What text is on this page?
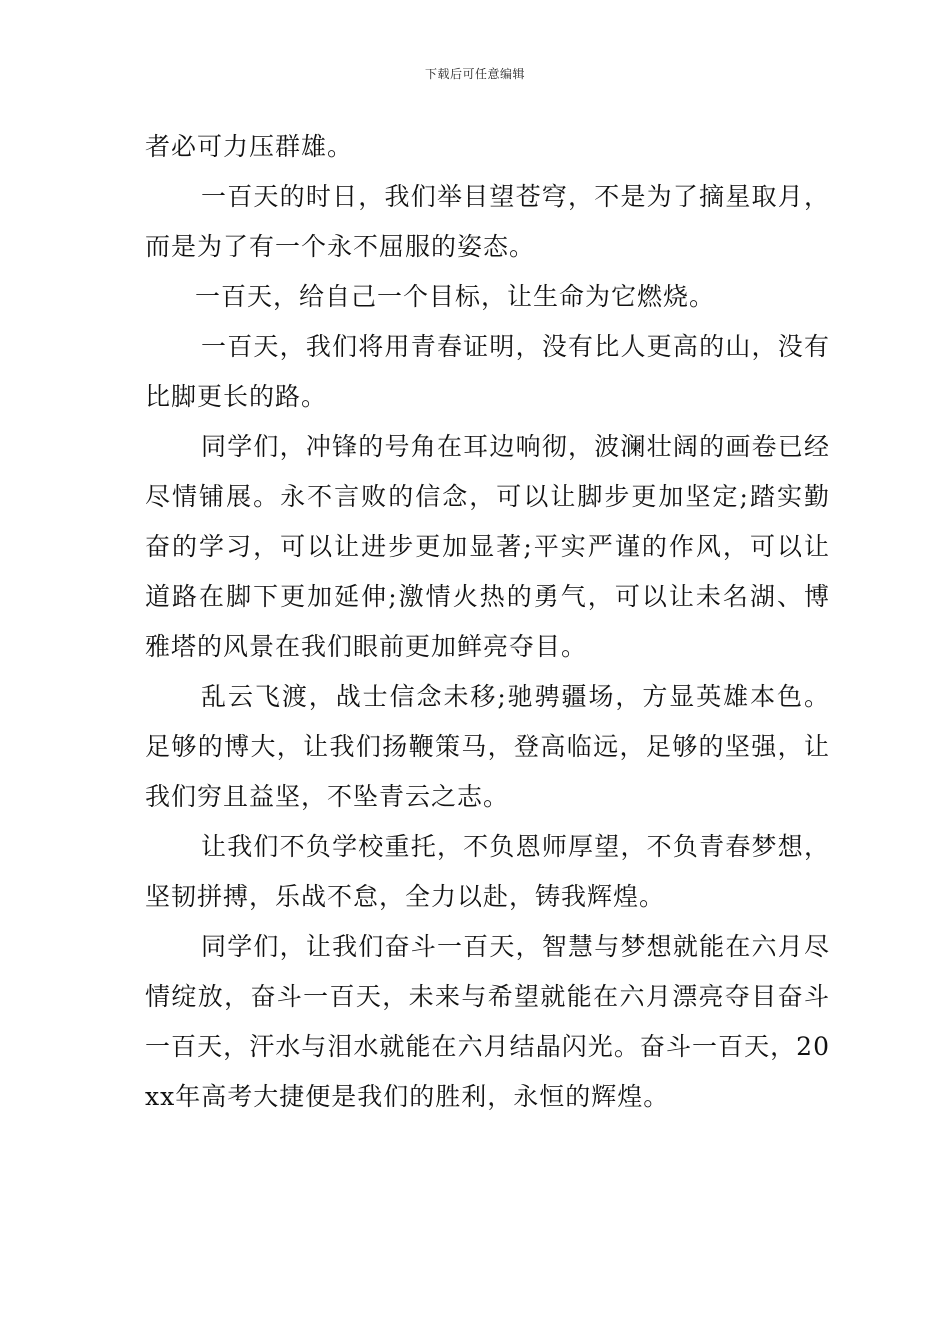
下载后可任意编辑

者必可力压群雄。

一百天的时日，我们举目望苍穹，不是为了摘星取月，而是为了有一个永不屈服的姿态。

一百天，给自己一个目标，让生命为它燃烧。

一百天，我们将用青春证明，没有比人更高的山，没有比脚更长的路。

同学们，冲锋的号角在耳边响彻，波澜壮阔的画卷已经尽情铺展。永不言败的信念，可以让脚步更加坚定;踏实勤奋的学习，可以让进步更加显著;平实严谨的作风，可以让道路在脚下更加延伸;激情火热的勇气，可以让未名湖、博雅塔的风景在我们眼前更加鲜亮夺目。

乱云飞渡，战士信念未移;驰骋疆场，方显英雄本色。足够的博大，让我们扬鞭策马，登高临远，足够的坚强，让我们穷且益坚，不坠青云之志。

让我们不负学校重托，不负恩师厚望，不负青春梦想，坚韧拼搏，乐战不怠，全力以赴，铸我辉煌。

同学们，让我们奋斗一百天，智慧与梦想就能在六月尽情绽放，奋斗一百天，未来与希望就能在六月漂亮夺目奋斗一百天，汗水与泪水就能在六月结晶闪光。奋斗一百天，20xx年高考大捷便是我们的胜利，永恒的辉煌。
